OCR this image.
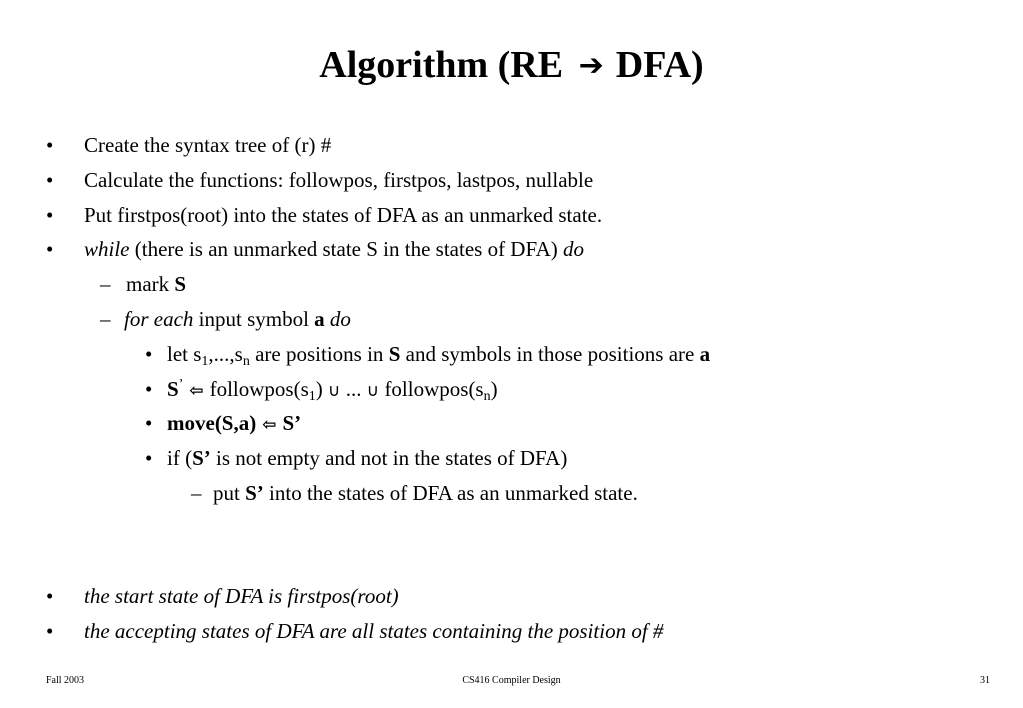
Algorithm (RE ➔ DFA)
• Create the syntax tree of (r) #
• Calculate the functions: followpos, firstpos, lastpos, nullable
• Put firstpos(root) into the states of DFA as an unmarked state.
• while (there is an unmarked state S in the states of DFA) do
– mark S
– for each input symbol a do
• let $s_1,...,s_n$ are positions in S and symbols in those positions are a
• S’ ⇦ $followpos(s_1)$ ∪ ... ∪ $followpos(s_n)$
• move(S,a) ⇦ S’
• if (S’ is not empty and not in the states of DFA)
– put S’ into the states of DFA as an unmarked state.
• the start state of DFA is firstpos(root)
• the accepting states of DFA are all states containing the position of #
Fall 2003	CS416 Compiler Design	31
